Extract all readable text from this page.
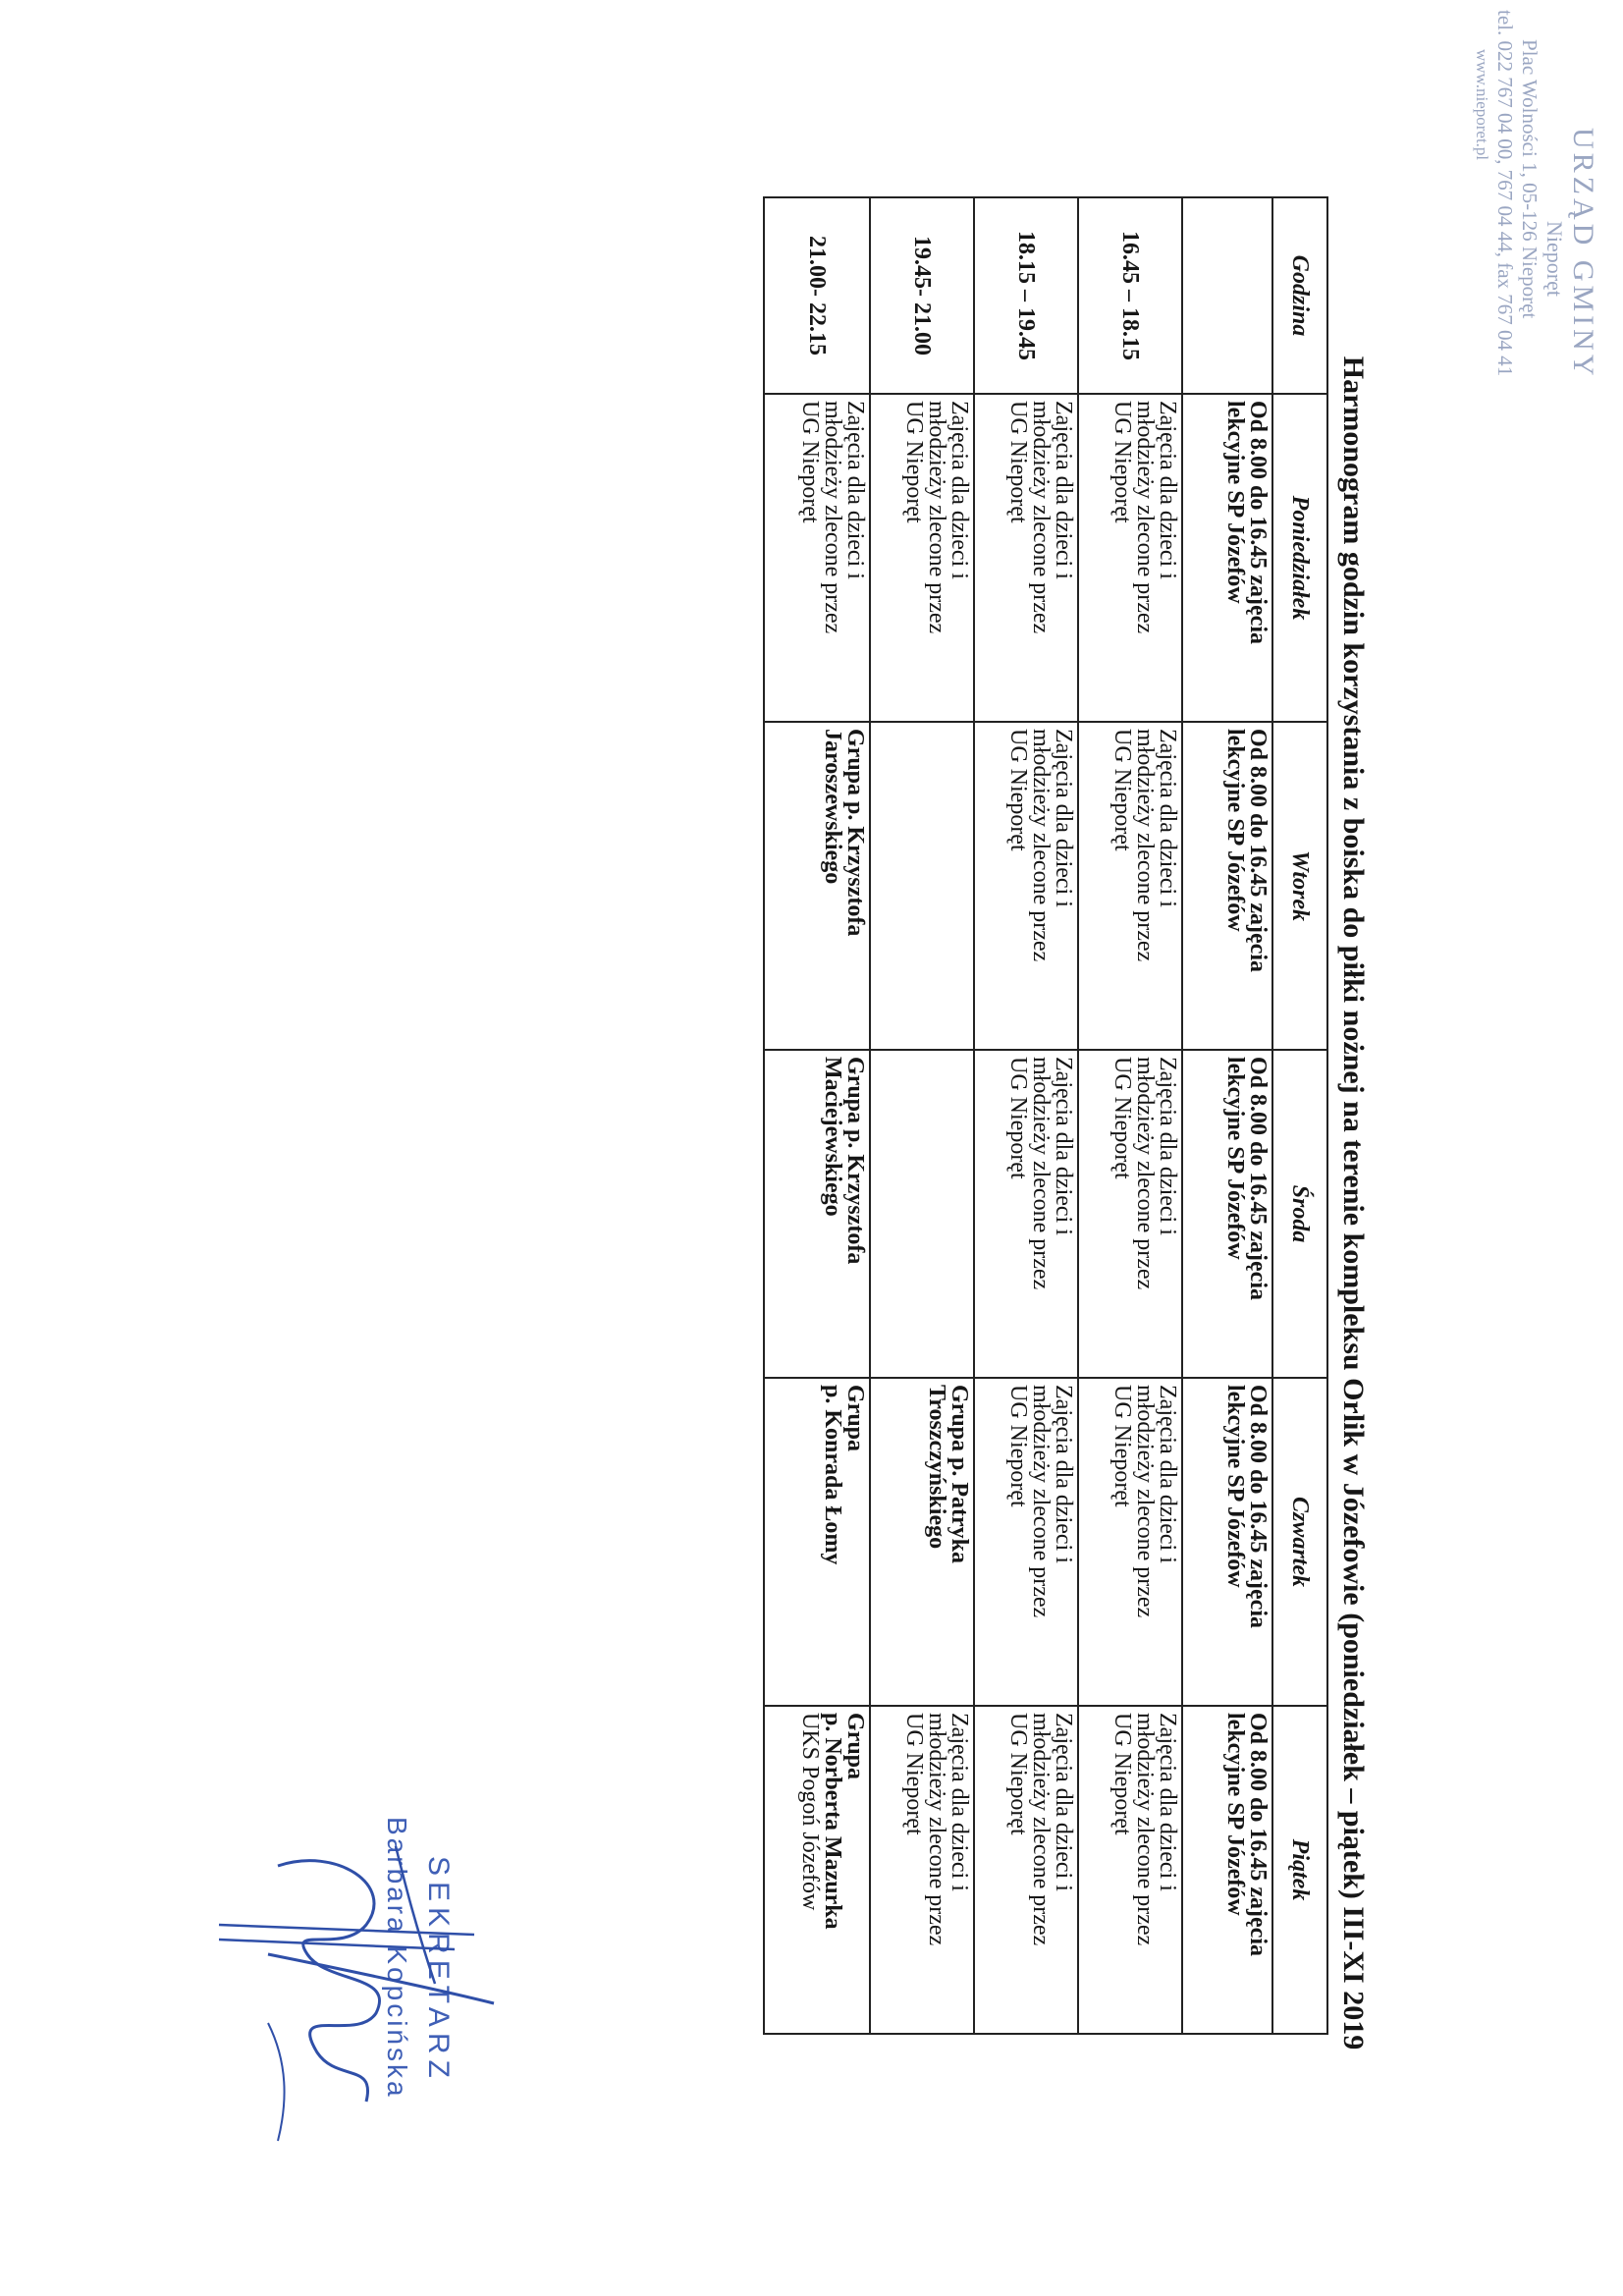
URZĄD GMINY
Nieporęt
Plac Wolności 1, 05-126 Nieporęt
tel. 022 767 04 00, 767 04 44, fax 767 04 41
www.nieporet.pl
Harmonogram godzin korzystania z boiska do piłki nożnej na terenie kompleksu Orlik w Józefowie (poniedziałek – piątek) III-XI 2019
Godzina	Poniedziałek	Wtorek	Środa	Czwartek	Piątek

	Od 8.00 do 16.45 zajęcia
lekcyjne SP Józefów	Od 8.00 do 16.45 zajęcia
lekcyjne SP Józefów	Od 8.00 do 16.45 zajęcia
lekcyjne SP Józefów	Od 8.00 do 16.45 zajęcia
lekcyjne SP Józefów	Od 8.00 do 16.45 zajęcia
lekcyjne SP Józefów

16.45 – 18.15	Zajęcia dla dzieci i
młodzieży zlecone przez
UG Nieporęt	Zajęcia dla dzieci i
młodzieży zlecone przez
UG Nieporęt	Zajęcia dla dzieci i
młodzieży zlecone przez
UG Nieporęt	Zajęcia dla dzieci i
młodzieży zlecone przez
UG Nieporęt	Zajęcia dla dzieci i
młodzieży zlecone przez
UG Nieporęt

18.15 – 19.45	Zajęcia dla dzieci i
młodzieży zlecone przez
UG Nieporęt	Zajęcia dla dzieci i
młodzieży zlecone przez
UG Nieporęt	Zajęcia dla dzieci i
młodzieży zlecone przez
UG Nieporęt	Zajęcia dla dzieci i
młodzieży zlecone przez
UG Nieporęt	Zajęcia dla dzieci i
młodzieży zlecone przez
UG Nieporęt

19.45- 21.00	Zajęcia dla dzieci i
młodzieży zlecone przez
UG Nieporęt			Grupa p. Patryka
Troszczyńskiego	Zajęcia dla dzieci i
młodzieży zlecone przez
UG Nieporęt

21.00- 22.15	Zajęcia dla dzieci i
młodzieży zlecone przez
UG Nieporęt	Grupa p. Krzysztofa
Jaroszewskiego	Grupa p. Krzysztofa
Maciejewskiego	Grupa
p. Konrada Łomy	Grupa
p. Norberta Mazurka
UKS Pogoń Józefów
SEKRETARZ
Barbara Kopcińska
